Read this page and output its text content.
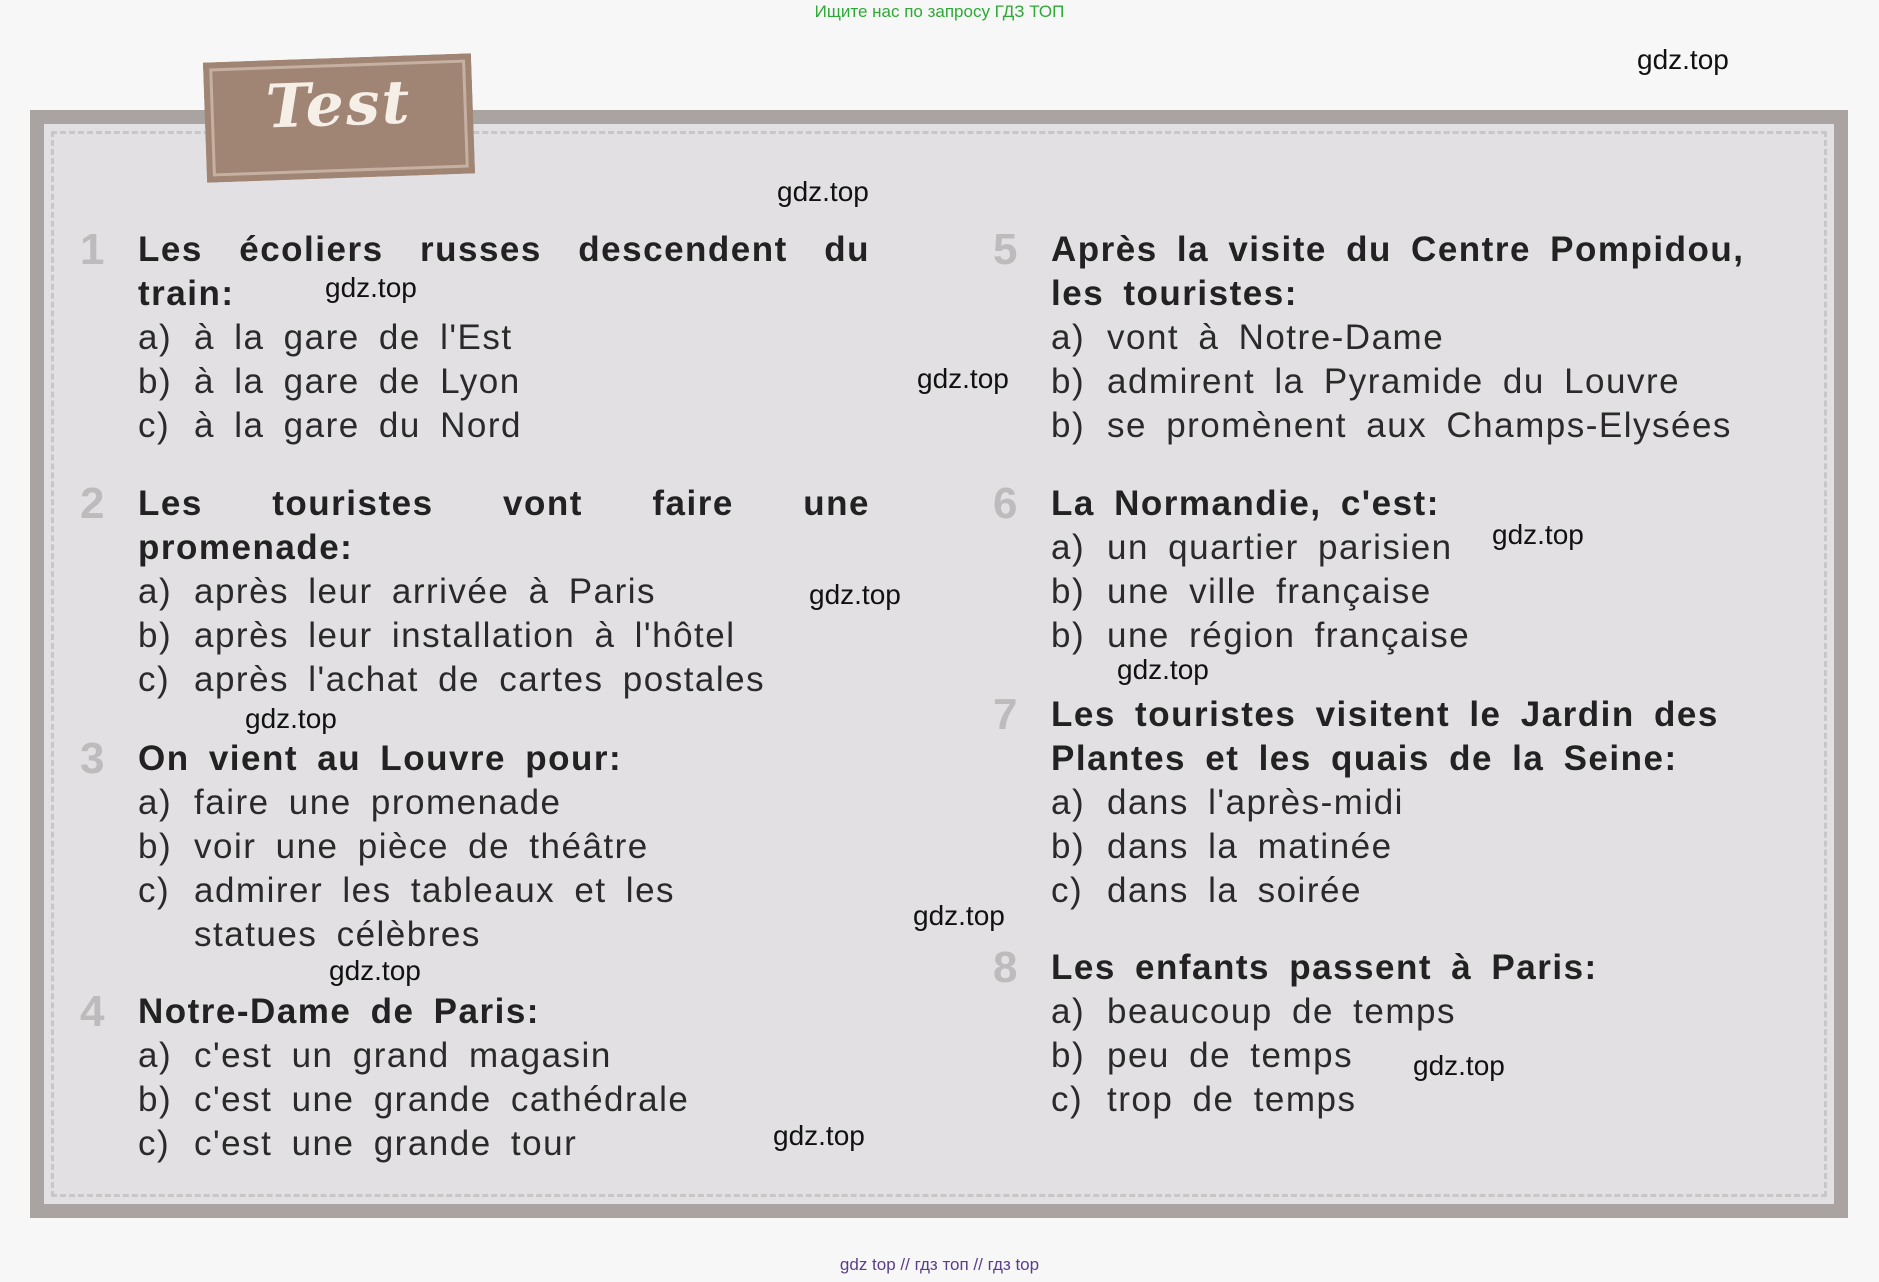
Ищите нас по запросу ГДЗ ТОП
gdz.top
Test
1 Les écoliers russes descendent du train:
a) à la gare de l'Est
b) à la gare de Lyon
c) à la gare du Nord
2 Les touristes vont faire une promenade:
a) après leur arrivée à Paris
b) après leur installation à l'hôtel
c) après l'achat de cartes postales
3 On vient au Louvre pour:
a) faire une promenade
b) voir une pièce de théâtre
c) admirer les tableaux et les statues célèbres
4 Notre-Dame de Paris:
a) c'est un grand magasin
b) c'est une grande cathédrale
c) c'est une grande tour
5 Après la visite du Centre Pompidou, les touristes:
a) vont à Notre-Dame
b) admirent la Pyramide du Louvre
b) se promènent aux Champs-Elysées
6 La Normandie, c'est:
a) un quartier parisien
b) une ville française
b) une région française
7 Les touristes visitent le Jardin des Plantes et les quais de la Seine:
a) dans l'après-midi
b) dans la matinée
c) dans la soirée
8 Les enfants passent à Paris:
a) beaucoup de temps
b) peu de temps
c) trop de temps
gdz.top
gdz.top
gdz.top
gdz.top
gdz.top
gdz.top
gdz.top
gdz.top
gdz.top
gdz.top
gdz.top
gdz top // гдз топ // гдз top
